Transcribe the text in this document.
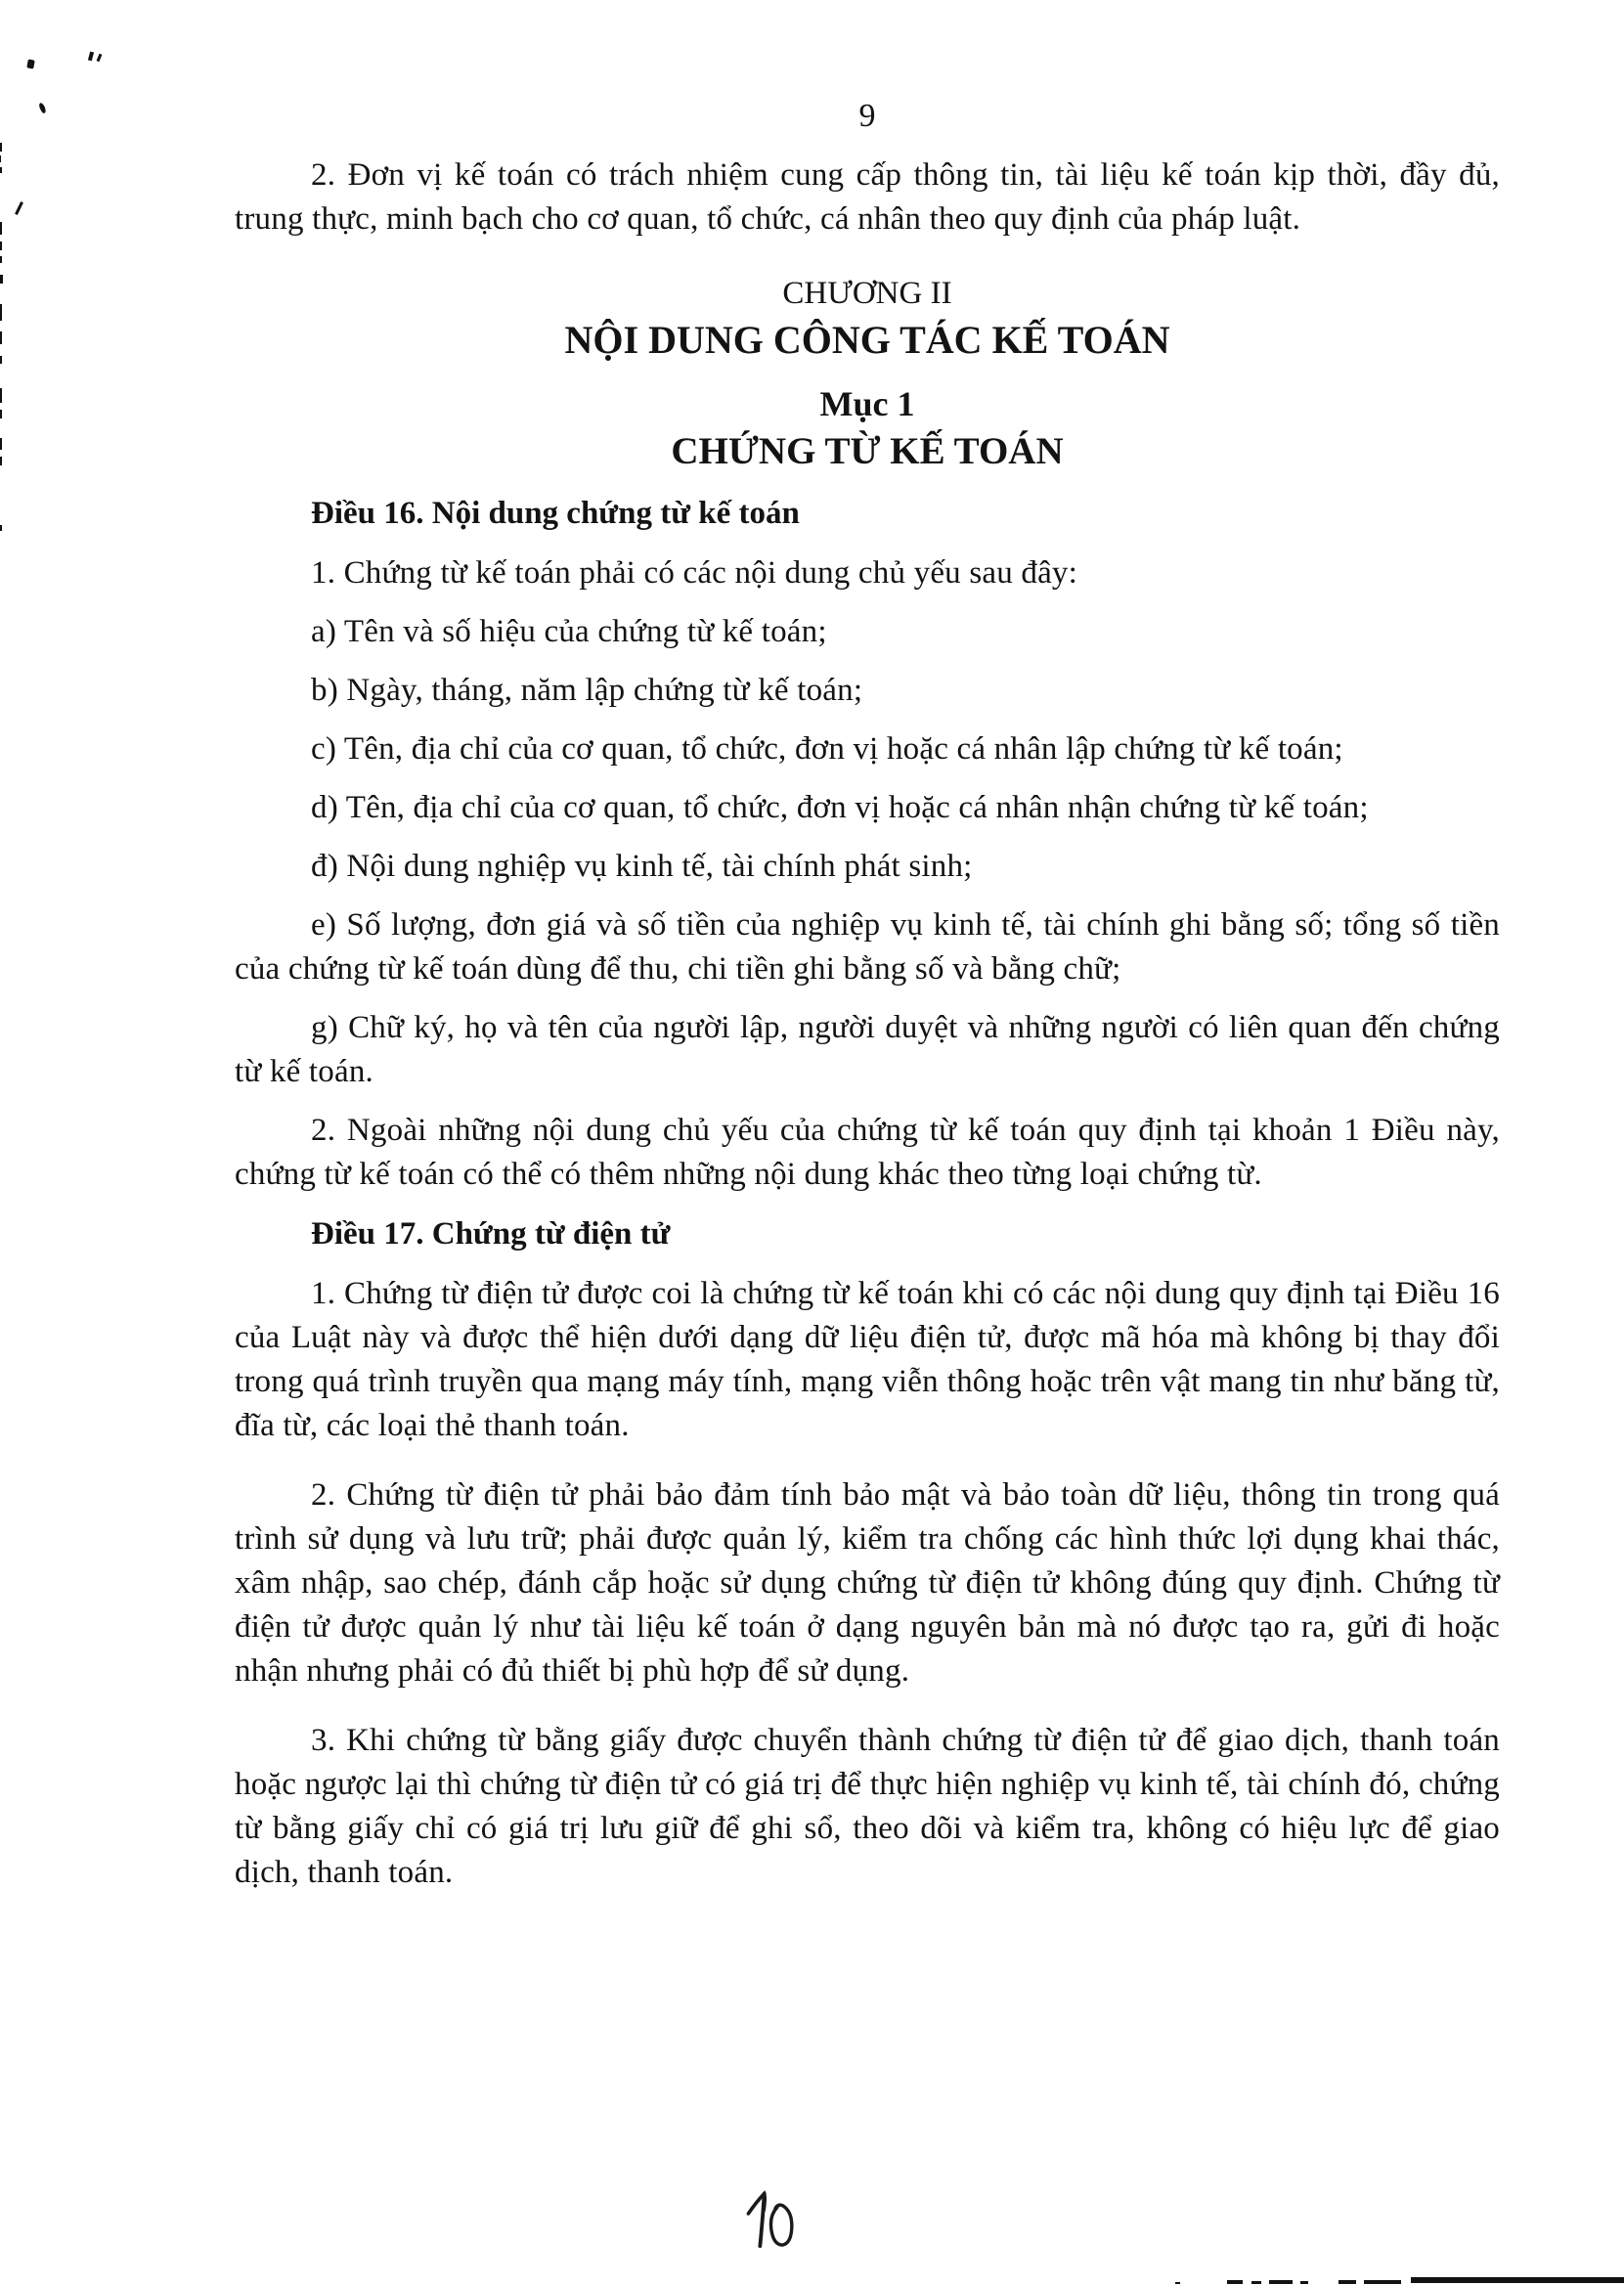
9

2. Đơn vị kế toán có trách nhiệm cung cấp thông tin, tài liệu kế toán kịp thời, đầy đủ, trung thực, minh bạch cho cơ quan, tổ chức, cá nhân theo quy định của pháp luật.

CHƯƠNG II
NỘI DUNG CÔNG TÁC KẾ TOÁN
Mục 1
CHỨNG TỪ KẾ TOÁN
Điều 16. Nội dung chứng từ kế toán

1. Chứng từ kế toán phải có các nội dung chủ yếu sau đây:

a) Tên và số hiệu của chứng từ kế toán;

b) Ngày, tháng, năm lập chứng từ kế toán;

c) Tên, địa chỉ của cơ quan, tổ chức, đơn vị hoặc cá nhân lập chứng từ kế toán;

d) Tên, địa chỉ của cơ quan, tổ chức, đơn vị hoặc cá nhân nhận chứng từ kế toán;

đ) Nội dung nghiệp vụ kinh tế, tài chính phát sinh;

e) Số lượng, đơn giá và số tiền của nghiệp vụ kinh tế, tài chính ghi bằng số; tổng số tiền của chứng từ kế toán dùng để thu, chi tiền ghi bằng số và bằng chữ;

g) Chữ ký, họ và tên của người lập, người duyệt và những người có liên quan đến chứng từ kế toán.

2. Ngoài những nội dung chủ yếu của chứng từ kế toán quy định tại khoản 1 Điều này, chứng từ kế toán có thể có thêm những nội dung khác theo từng loại chứng từ.

Điều 17. Chứng từ điện tử

1. Chứng từ điện tử được coi là chứng từ kế toán khi có các nội dung quy định tại Điều 16 của Luật này và được thể hiện dưới dạng dữ liệu điện tử, được mã hóa mà không bị thay đổi trong quá trình truyền qua mạng máy tính, mạng viễn thông hoặc trên vật mang tin như băng từ, đĩa từ, các loại thẻ thanh toán.

2. Chứng từ điện tử phải bảo đảm tính bảo mật và bảo toàn dữ liệu, thông tin trong quá trình sử dụng và lưu trữ; phải được quản lý, kiểm tra chống các hình thức lợi dụng khai thác, xâm nhập, sao chép, đánh cắp hoặc sử dụng chứng từ điện tử không đúng quy định. Chứng từ điện tử được quản lý như tài liệu kế toán ở dạng nguyên bản mà nó được tạo ra, gửi đi hoặc nhận nhưng phải có đủ thiết bị phù hợp để sử dụng.

3. Khi chứng từ bằng giấy được chuyển thành chứng từ điện tử để giao dịch, thanh toán hoặc ngược lại thì chứng từ điện tử có giá trị để thực hiện nghiệp vụ kinh tế, tài chính đó, chứng từ bằng giấy chỉ có giá trị lưu giữ để ghi sổ, theo dõi và kiểm tra, không có hiệu lực để giao dịch, thanh toán.
